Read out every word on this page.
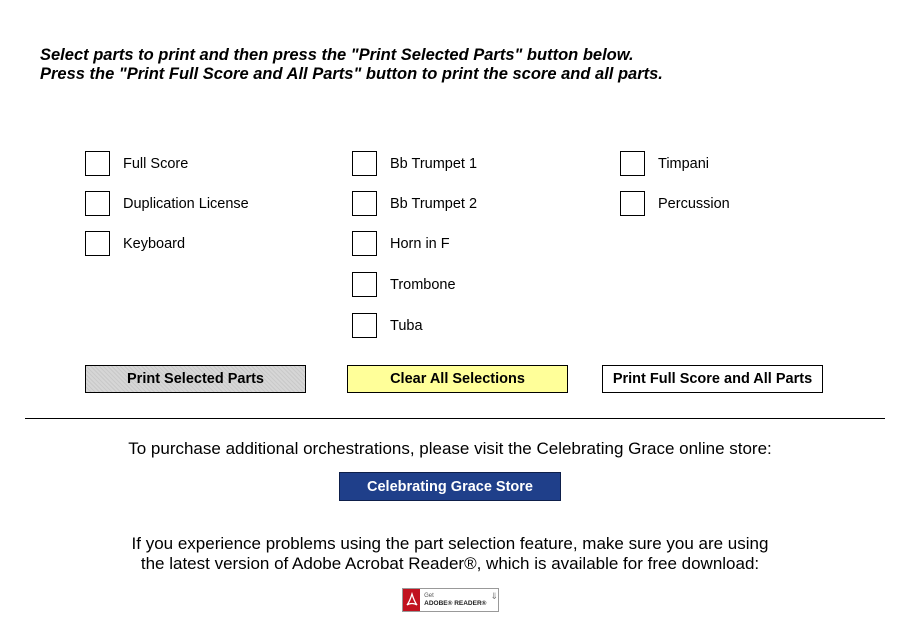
Select parts to print and then press the "Print Selected Parts" button below.
Press the "Print Full Score and All Parts" button to print the score and all parts.
Full Score
Duplication License
Keyboard
Bb Trumpet 1
Bb Trumpet 2
Horn in F
Trombone
Tuba
Timpani
Percussion
Print Selected Parts	Clear All Selections	Print Full Score and All Parts
To purchase additional orchestrations, please visit the Celebrating Grace online store:
Celebrating Grace Store
If you experience problems using the part selection feature, make sure you are using
the latest version of Adobe Acrobat Reader®, which is available for free download:
Get
ADOBE® READER®
⇓
